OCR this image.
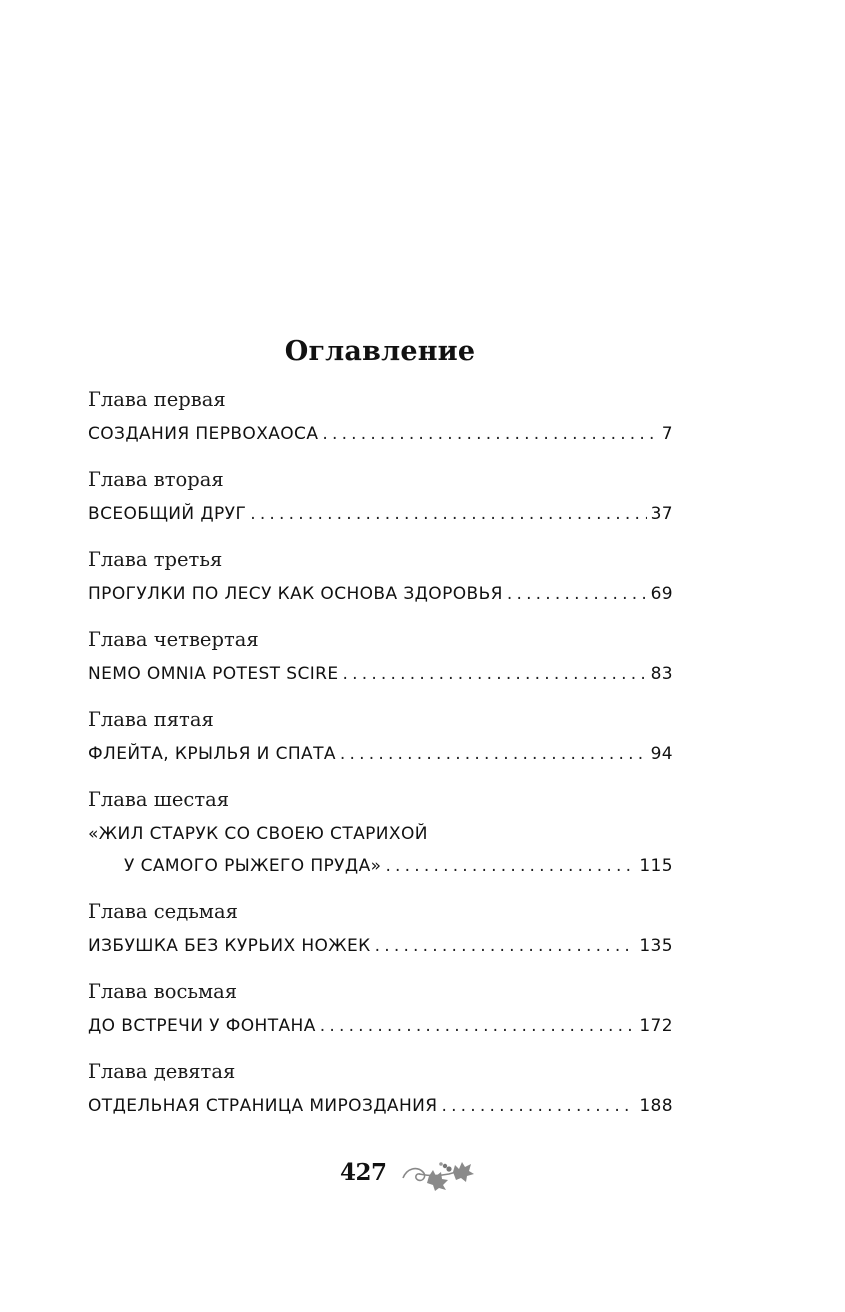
Оглавление
Глава первая
СОЗДАНИЯ ПЕРВОХАОСА . . .	7
Глава вторая
ВСЕОБЩИЙ ДРУГ . . .	37
Глава третья
ПРОГУЛКИ ПО ЛЕСУ КАК ОСНОВА ЗДОРОВЬЯ . . .	69
Глава четвертая
NEMO OMNIA POTEST SCIRE . . .	83
Глава пятая
ФЛЕЙТА, КРЫЛЬЯ И СПАТА . . .	94
Глава шестая
«ЖИЛ СТАРУК СО СВОЕЮ СТАРИХОЙ
У САМОГО РЫЖЕГО ПРУДА» . . .	115
Глава седьмая
ИЗБУШКА БЕЗ КУРЬИХ НОЖЕК . . .	135
Глава восьмая
ДО ВСТРЕЧИ У ФОНТАНА . . .	172
Глава девятая
ОТДЕЛЬНАЯ СТРАНИЦА МИРОЗДАНИЯ . . .	188
427
